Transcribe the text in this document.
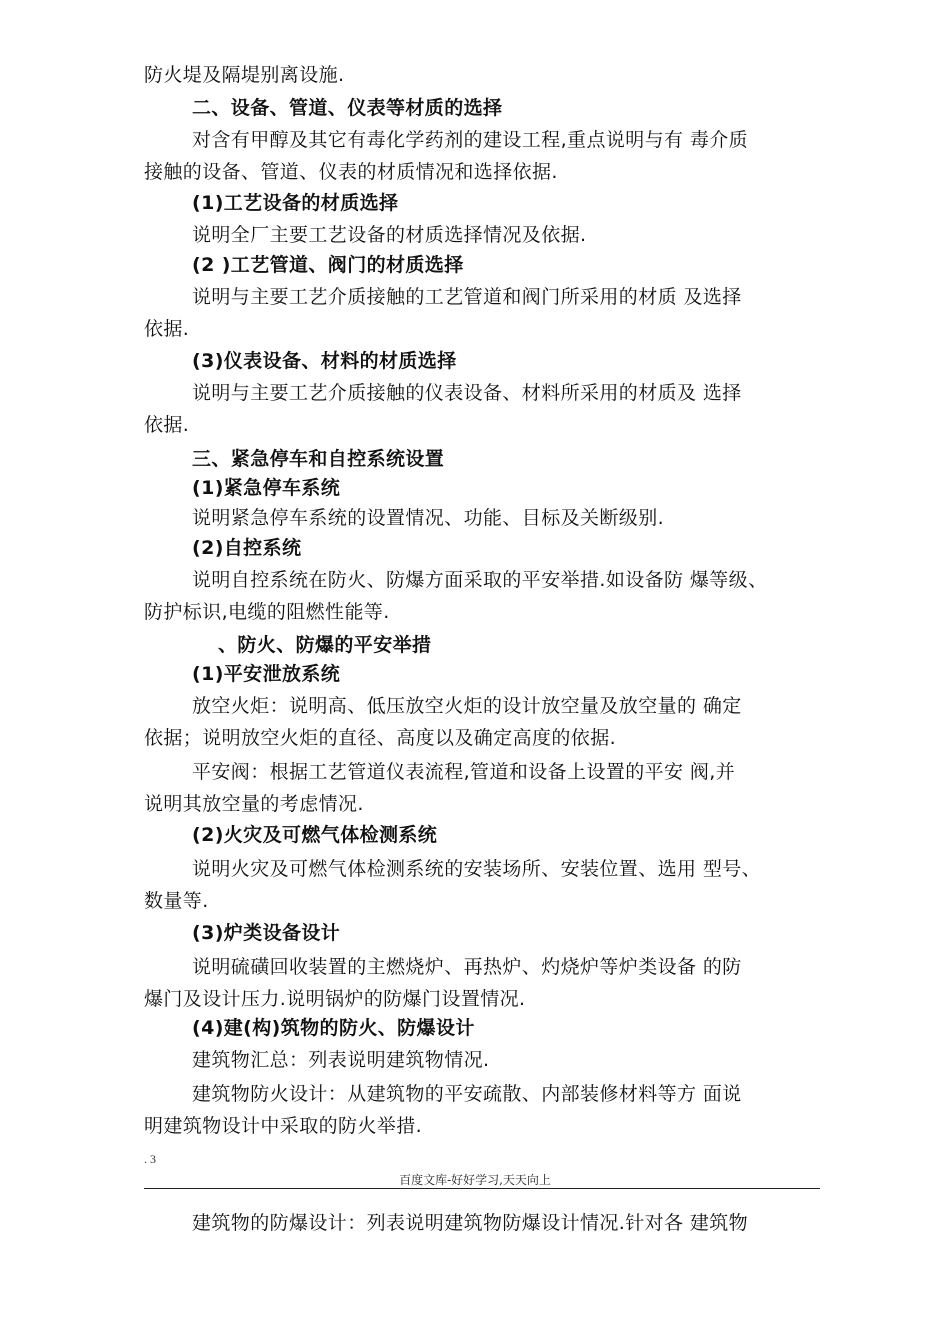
防火堤及隔堤别离设施.
二、设备、管道、仪表等材质的选择
对含有甲醇及其它有毒化学药剂的建设工程,重点说明与有 毒介质
接触的设备、管道、仪表的材质情况和选择依据.
(1)工艺设备的材质选择
说明全厂主要工艺设备的材质选择情况及依据.
(2 )工艺管道、阀门的材质选择
说明与主要工艺介质接触的工艺管道和阀门所采用的材质 及选择
依据.
(3)仪表设备、材料的材质选择
说明与主要工艺介质接触的仪表设备、材料所采用的材质及 选择
依据.
三、紧急停车和自控系统设置
(1)紧急停车系统
说明紧急停车系统的设置情况、功能、目标及关断级别.
(2)自控系统
说明自控系统在防火、防爆方面采取的平安举措.如设备防 爆等级、
防护标识,电缆的阻燃性能等.
、防火、防爆的平安举措
(1)平安泄放系统
放空火炬：说明高、低压放空火炬的设计放空量及放空量的 确定
依据；说明放空火炬的直径、高度以及确定高度的依据.
平安阀：根据工艺管道仪表流程,管道和设备上设置的平安 阀,并
说明其放空量的考虑情况.
(2)火灾及可燃气体检测系统
说明火灾及可燃气体检测系统的安装场所、安装位置、选用 型号、
数量等.
(3)炉类设备设计
说明硫磺回收装置的主燃烧炉、再热炉、灼烧炉等炉类设备 的防
爆门及设计压力.说明锅炉的防爆门设置情况.
(4)建(构)筑物的防火、防爆设计
建筑物汇总：列表说明建筑物情况.
建筑物防火设计：从建筑物的平安疏散、内部装修材料等方 面说
明建筑物设计中采取的防火举措.
. 3
百度文库-好好学习,天天向上
建筑物的防爆设计：列表说明建筑物防爆设计情况.针对各 建筑物
